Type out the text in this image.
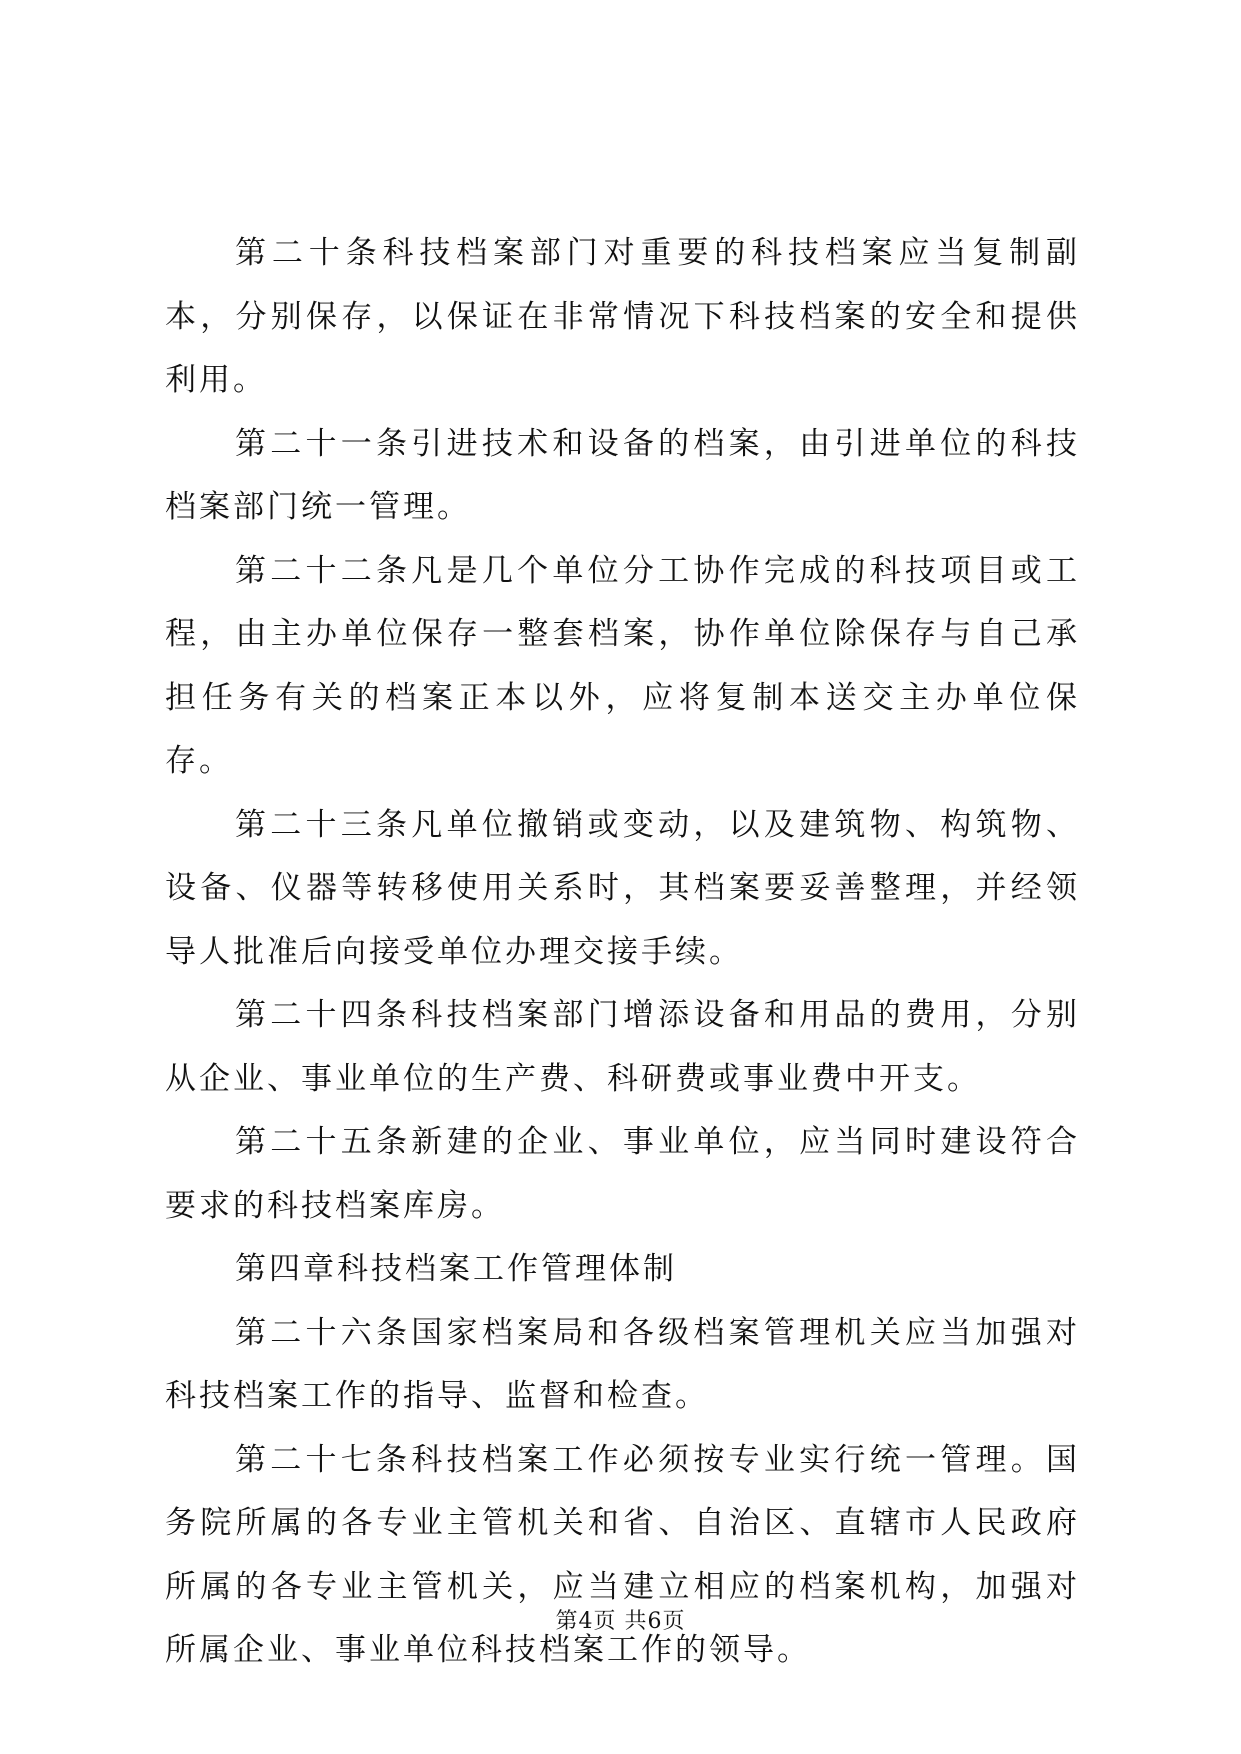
第二十条科技档案部门对重要的科技档案应当复制副本，分别保存，以保证在非常情况下科技档案的安全和提供利用。

第二十一条引进技术和设备的档案，由引进单位的科技档案部门统一管理。

第二十二条凡是几个单位分工协作完成的科技项目或工程，由主办单位保存一整套档案，协作单位除保存与自己承担任务有关的档案正本以外，应将复制本送交主办单位保存。

第二十三条凡单位撤销或变动，以及建筑物、构筑物、设备、仪器等转移使用关系时，其档案要妥善整理，并经领导人批准后向接受单位办理交接手续。

第二十四条科技档案部门增添设备和用品的费用，分别从企业、事业单位的生产费、科研费或事业费中开支。

第二十五条新建的企业、事业单位，应当同时建设符合要求的科技档案库房。

第四章科技档案工作管理体制

第二十六条国家档案局和各级档案管理机关应当加强对科技档案工作的指导、监督和检查。

第二十七条科技档案工作必须按专业实行统一管理。国务院所属的各专业主管机关和省、自治区、直辖市人民政府所属的各专业主管机关，应当建立相应的档案机构，加强对所属企业、事业单位科技档案工作的领导。

第4页 共6页
